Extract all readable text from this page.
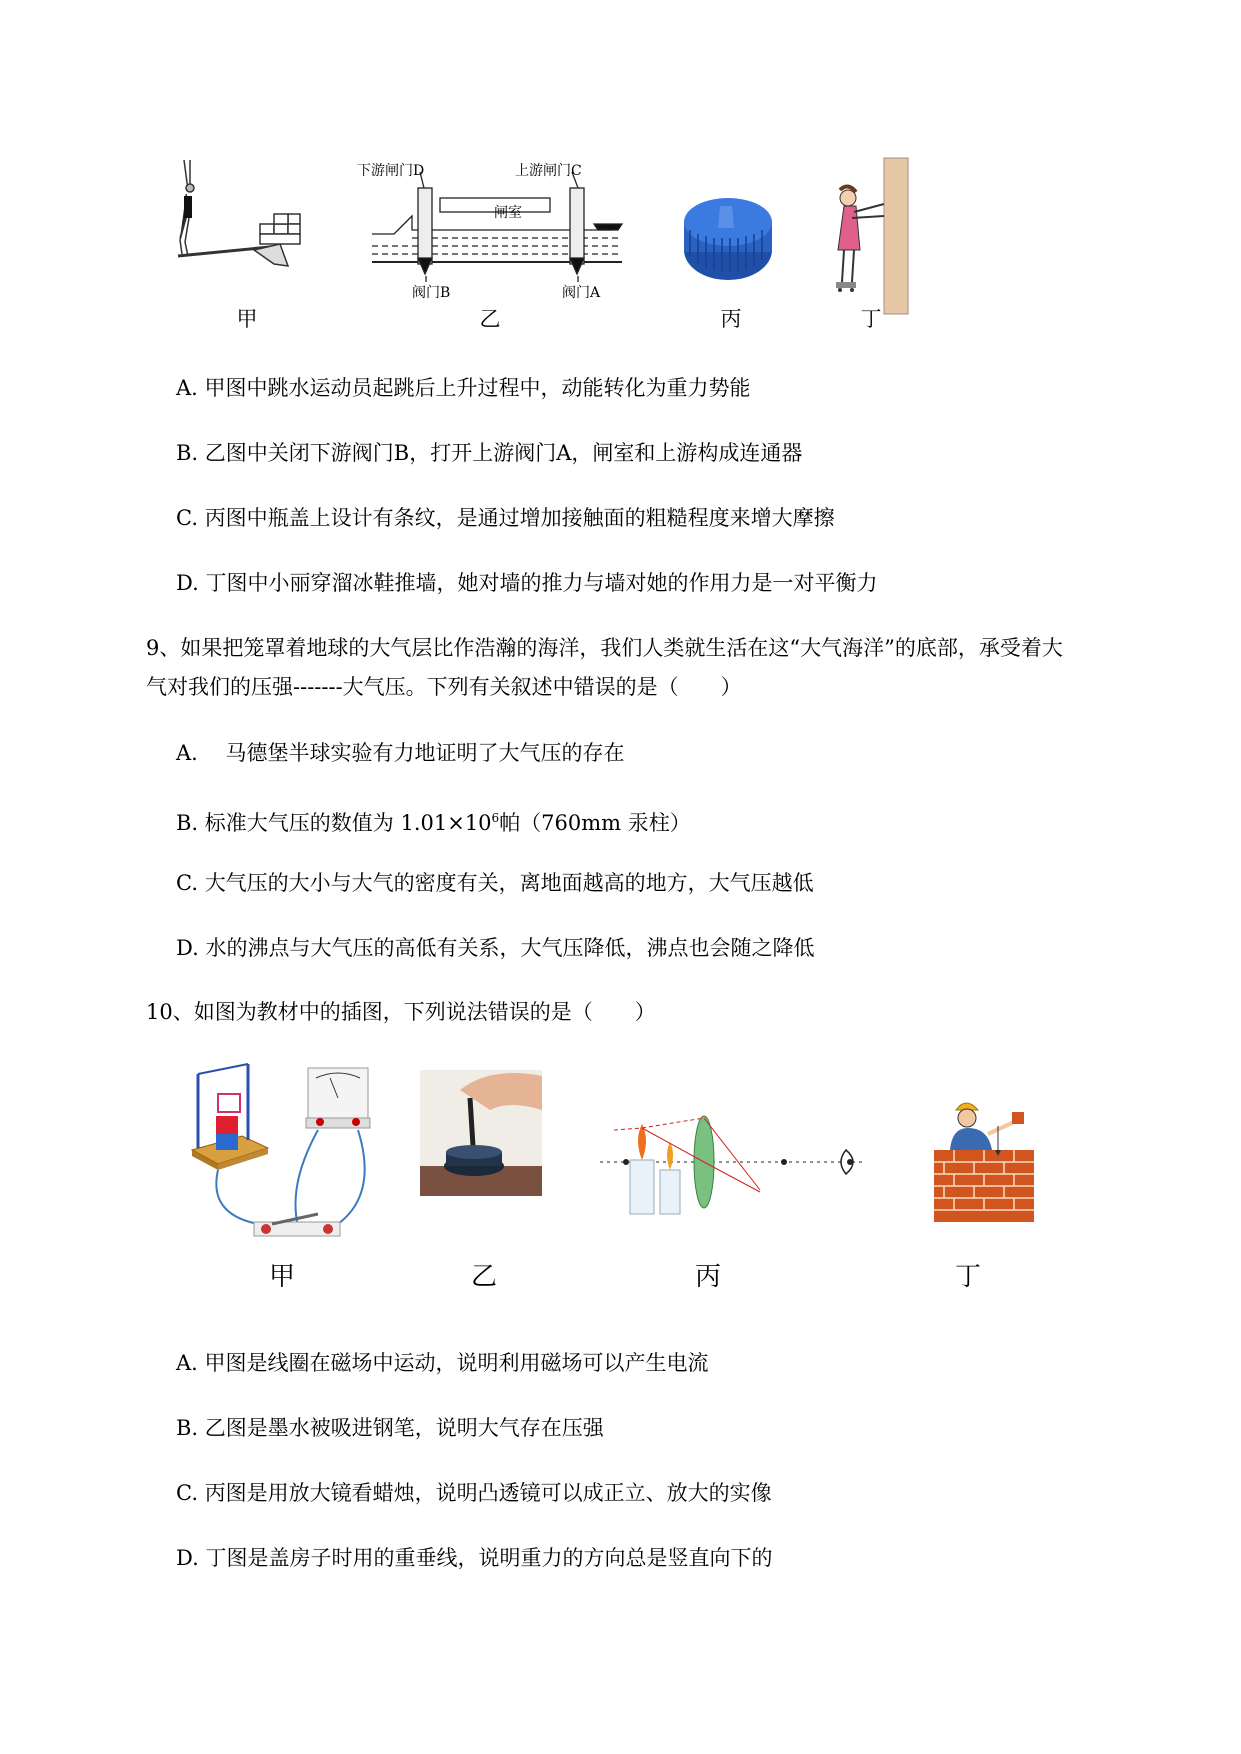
甲
下游闸门D	上游闸门C
闸室
阀门B	阀门A
乙	丙	丁
A. 甲图中跳水运动员起跳后上升过程中，动能转化为重力势能
B. 乙图中关闭下游阀门B，打开上游阀门A，闸室和上游构成连通器
C. 丙图中瓶盖上设计有条纹，是通过增加接触面的粗糙程度来增大摩擦
D. 丁图中小丽穿溜冰鞋推墙，她对墙的推力与墙对她的作用力是一对平衡力
9、如果把笼罩着地球的大气层比作浩瀚的海洋，我们人类就生活在这“大气海洋”的底部，承受着大
气对我们的压强-------大气压。下列有关叙述中错误的是（　　）
A. 　马德堡半球实验有力地证明了大气压的存在
B. 标准大气压的数值为 $1.01\times 10^6$帕（760mm 汞柱）
C. 大气压的大小与大气的密度有关，离地面越高的地方，大气压越低
D. 水的沸点与大气压的高低有关系，大气压降低，沸点也会随之降低
10、如图为教材中的插图，下列说法错误的是（　　）
甲	乙	丙	丁
A. 甲图是线圈在磁场中运动，说明利用磁场可以产生电流
B. 乙图是墨水被吸进钢笔，说明大气存在压强
C. 丙图是用放大镜看蜡烛，说明凸透镜可以成正立、放大的实像
D. 丁图是盖房子时用的重垂线，说明重力的方向总是竖直向下的
